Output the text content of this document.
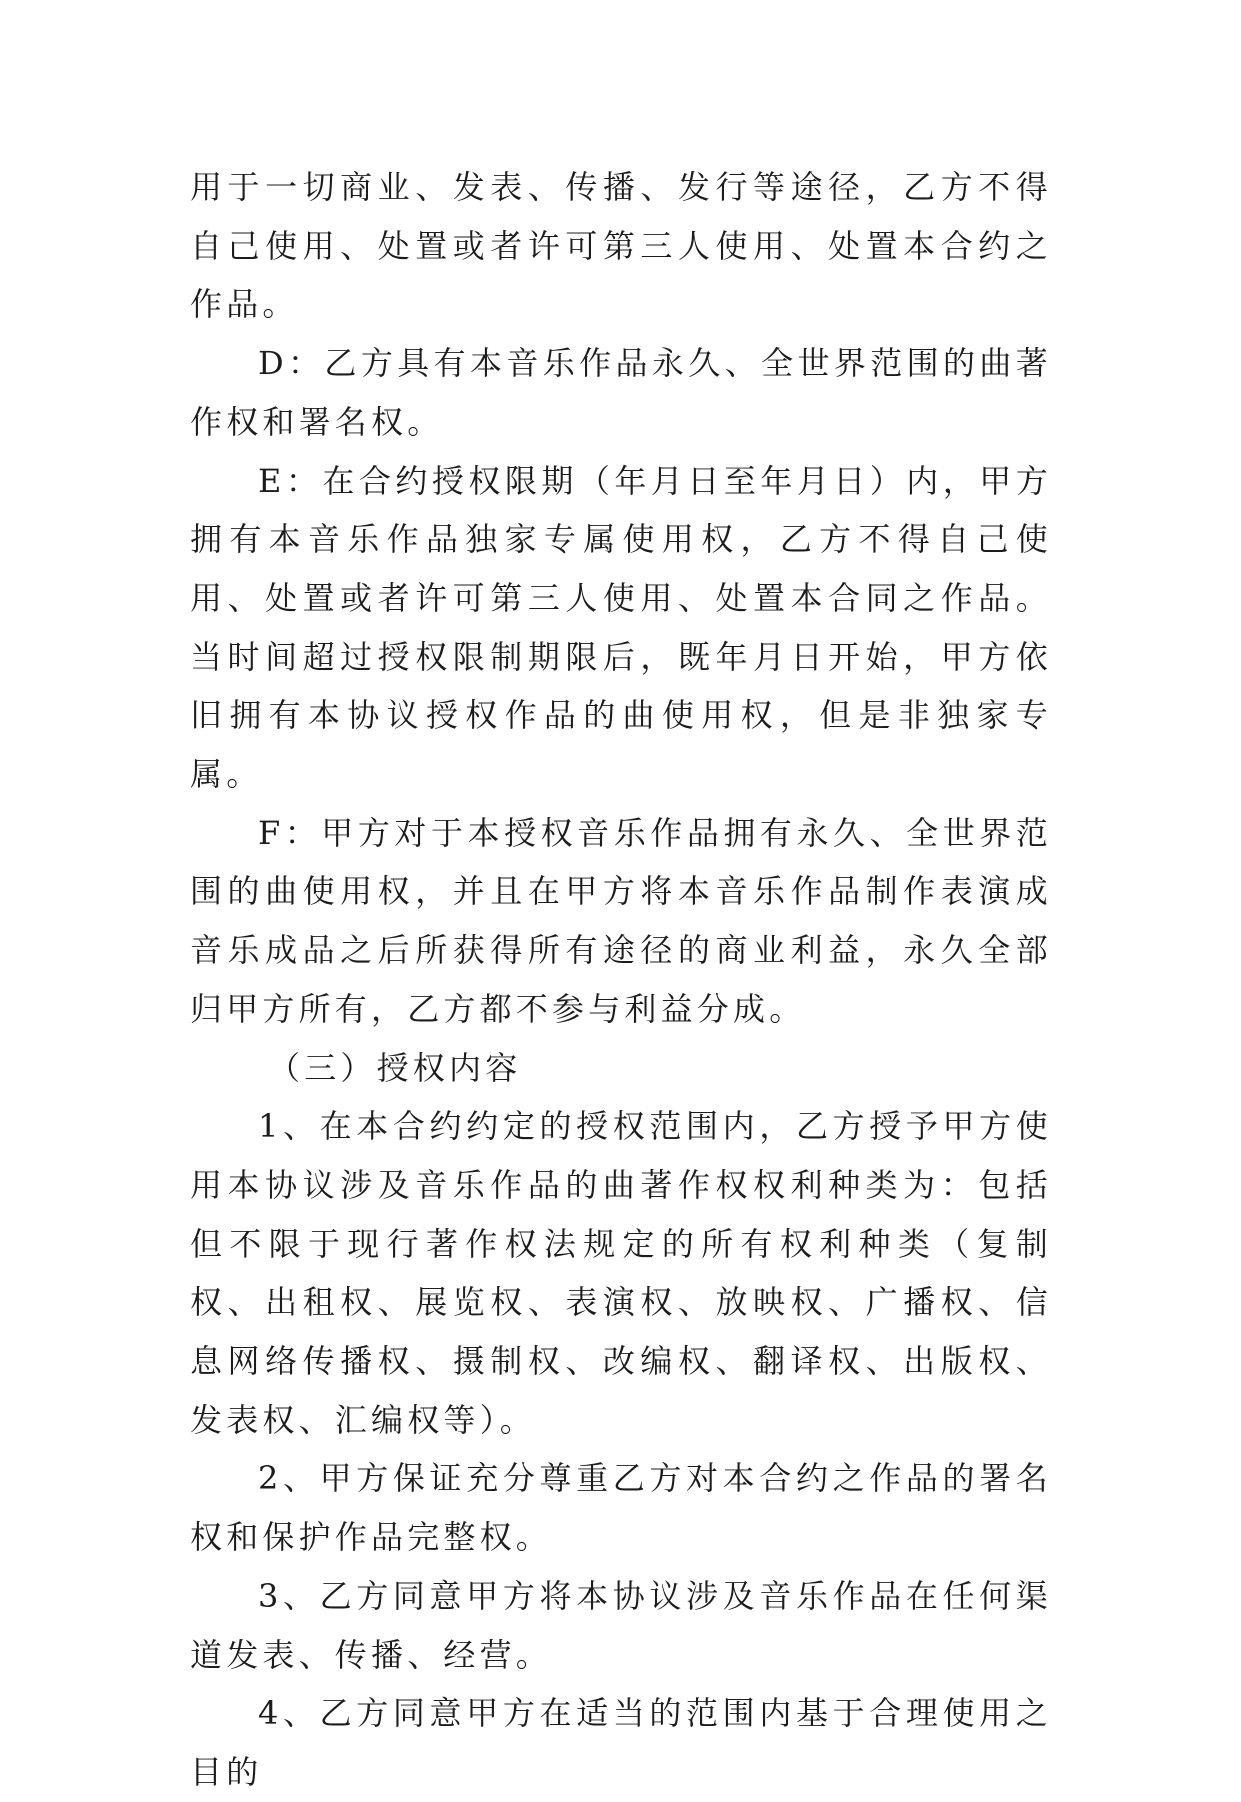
用于一切商业、发表、传播、发行等途径，乙方不得自己使用、处置或者许可第三人使用、处置本合约之作品。

D：乙方具有本音乐作品永久、全世界范围的曲著作权和署名权。

E：在合约授权限期（年月日至年月日）内，甲方拥有本音乐作品独家专属使用权，乙方不得自己使用、处置或者许可第三人使用、处置本合同之作品。当时间超过授权限制期限后，既年月日开始，甲方依旧拥有本协议授权作品的曲使用权，但是非独家专属。

F：甲方对于本授权音乐作品拥有永久、全世界范围的曲使用权，并且在甲方将本音乐作品制作表演成音乐成品之后所获得所有途径的商业利益，永久全部归甲方所有，乙方都不参与利益分成。

（三）授权内容

1、在本合约约定的授权范围内，乙方授予甲方使用本协议涉及音乐作品的曲著作权权利种类为：包括但不限于现行著作权法规定的所有权利种类（复制权、出租权、展览权、表演权、放映权、广播权、信息网络传播权、摄制权、改编权、翻译权、出版权、发表权、汇编权等）。

2、甲方保证充分尊重乙方对本合约之作品的署名权和保护作品完整权。

3、乙方同意甲方将本协议涉及音乐作品在任何渠道发表、传播、经营。

4、乙方同意甲方在适当的范围内基于合理使用之目的
